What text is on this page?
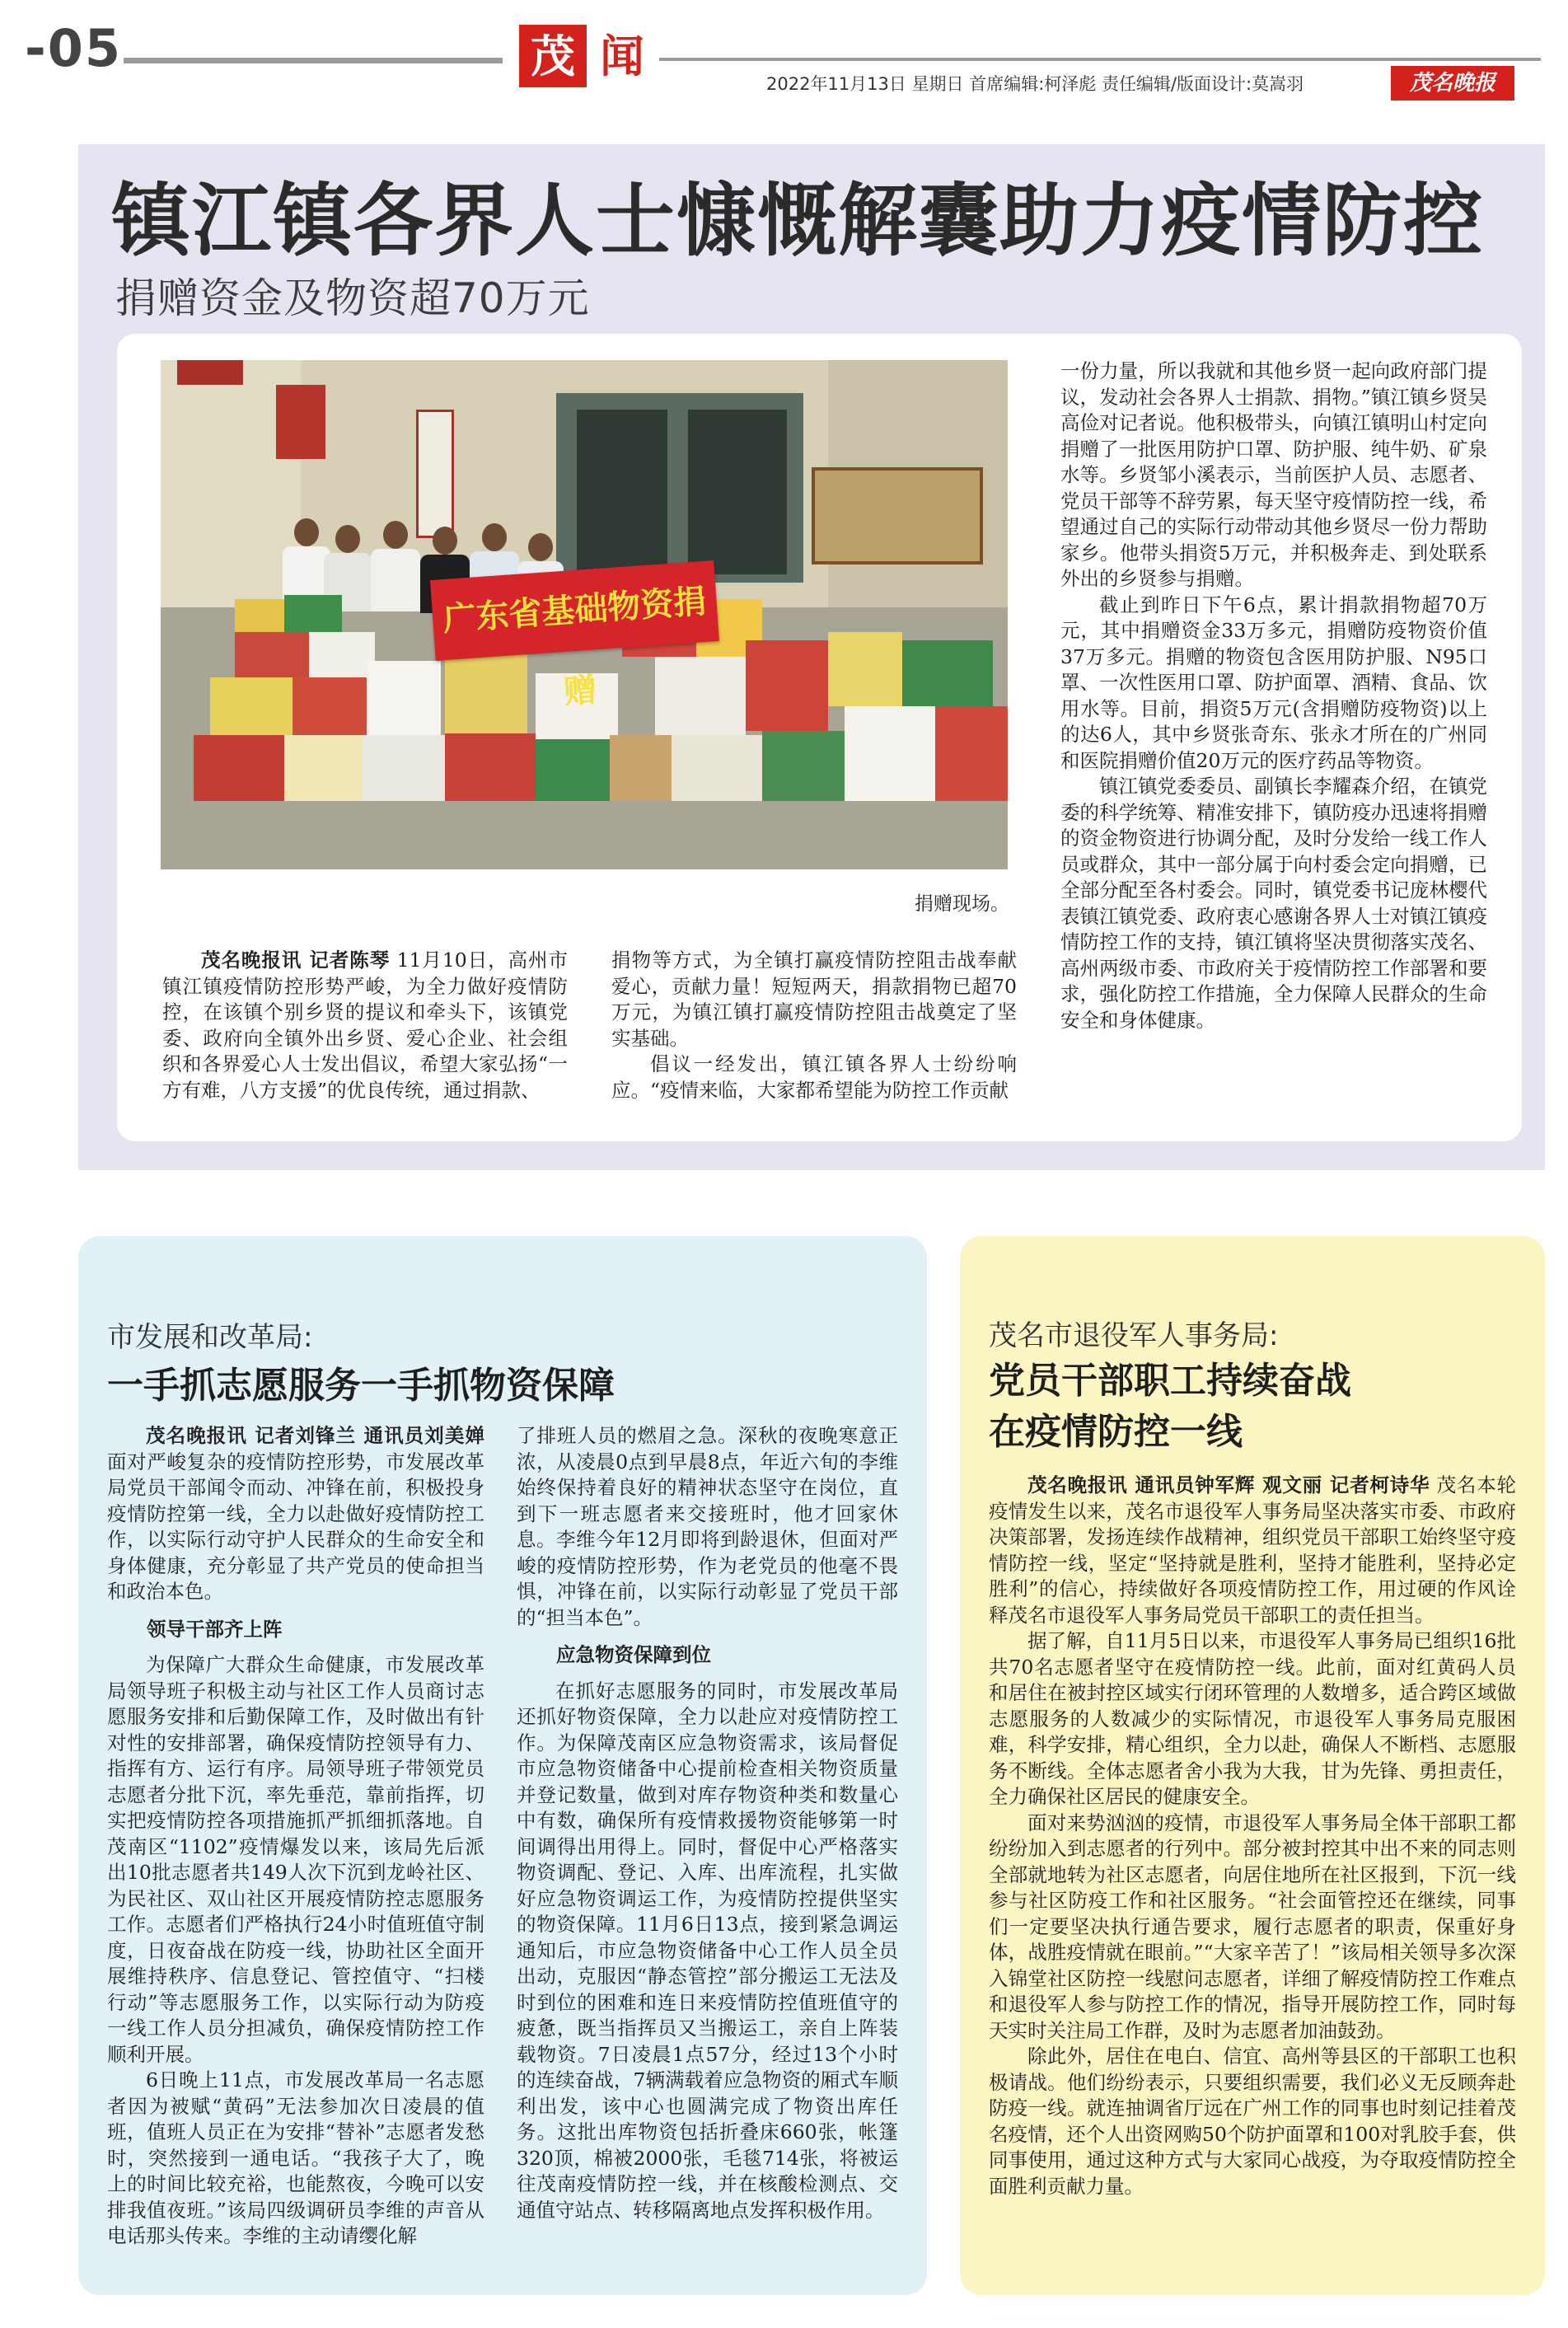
-05	茂 闻
2022年11月13日 星期日 首席编辑:柯泽彪 责任编辑/版面设计:莫嵩羽	茂名晚报
镇江镇各界人士慷慨解囊助力疫情防控
捐赠资金及物资超70万元
广东省基础物资捐赠
捐赠现场。

茂名晚报讯 记者陈琴 11月10日，高州市镇江镇疫情防控形势严峻，为全力做好疫情防控，在该镇个别乡贤的提议和牵头下，该镇党委、政府向全镇外出乡贤、爱心企业、社会组织和各界爱心人士发出倡议，希望大家弘扬“一方有难，八方支援”的优良传统，通过捐款、

捐物等方式，为全镇打赢疫情防控阻击战奉献爱心，贡献力量！短短两天，捐款捐物已超70万元，为镇江镇打赢疫情防控阻击战奠定了坚实基础。

倡议一经发出，镇江镇各界人士纷纷响应。“疫情来临，大家都希望能为防控工作贡献

一份力量，所以我就和其他乡贤一起向政府部门提议，发动社会各界人士捐款、捐物。”镇江镇乡贤吴高俭对记者说。他积极带头，向镇江镇明山村定向捐赠了一批医用防护口罩、防护服、纯牛奶、矿泉水等。乡贤邹小溪表示，当前医护人员、志愿者、党员干部等不辞劳累，每天坚守疫情防控一线，希望通过自己的实际行动带动其他乡贤尽一份力帮助家乡。他带头捐资5万元，并积极奔走、到处联系外出的乡贤参与捐赠。

截止到昨日下午6点，累计捐款捐物超70万元，其中捐赠资金33万多元，捐赠防疫物资价值37万多元。捐赠的物资包含医用防护服、N95口罩、一次性医用口罩、防护面罩、酒精、食品、饮用水等。目前，捐资5万元(含捐赠防疫物资)以上的达6人，其中乡贤张奇东、张永才所在的广州同和医院捐赠价值20万元的医疗药品等物资。

镇江镇党委委员、副镇长李耀森介绍，在镇党委的科学统筹、精准安排下，镇防疫办迅速将捐赠的资金物资进行协调分配，及时分发给一线工作人员或群众，其中一部分属于向村委会定向捐赠，已全部分配至各村委会。同时，镇党委书记庞林樱代表镇江镇党委、政府衷心感谢各界人士对镇江镇疫情防控工作的支持，镇江镇将坚决贯彻落实茂名、高州两级市委、市政府关于疫情防控工作部署和要求，强化防控工作措施，全力保障人民群众的生命安全和身体健康。

市发展和改革局:
一手抓志愿服务一手抓物资保障

茂名晚报讯 记者刘锋兰 通讯员刘美婵 面对严峻复杂的疫情防控形势，市发展改革局党员干部闻令而动、冲锋在前，积极投身疫情防控第一线，全力以赴做好疫情防控工作，以实际行动守护人民群众的生命安全和身体健康，充分彰显了共产党员的使命担当和政治本色。

领导干部齐上阵

为保障广大群众生命健康，市发展改革局领导班子积极主动与社区工作人员商讨志愿服务安排和后勤保障工作，及时做出有针对性的安排部署，确保疫情防控领导有力、指挥有方、运行有序。局领导班子带领党员志愿者分批下沉，率先垂范，靠前指挥，切实把疫情防控各项措施抓严抓细抓落地。自茂南区“1102”疫情爆发以来，该局先后派出10批志愿者共149人次下沉到龙岭社区、为民社区、双山社区开展疫情防控志愿服务工作。志愿者们严格执行24小时值班值守制度，日夜奋战在防疫一线，协助社区全面开展维持秩序、信息登记、管控值守、“扫楼行动”等志愿服务工作，以实际行动为防疫一线工作人员分担减负，确保疫情防控工作顺利开展。

6日晚上11点，市发展改革局一名志愿者因为被赋“黄码”无法参加次日凌晨的值班，值班人员正在为安排“替补”志愿者发愁时，突然接到一通电话。“我孩子大了，晚上的时间比较充裕，也能熬夜，今晚可以安排我值夜班。”该局四级调研员李维的声音从电话那头传来。李维的主动请缨化解

了排班人员的燃眉之急。深秋的夜晚寒意正浓，从凌晨0点到早晨8点，年近六旬的李维始终保持着良好的精神状态坚守在岗位，直到下一班志愿者来交接班时，他才回家休息。李维今年12月即将到龄退休，但面对严峻的疫情防控形势，作为老党员的他毫不畏惧，冲锋在前，以实际行动彰显了党员干部的“担当本色”。

应急物资保障到位

在抓好志愿服务的同时，市发展改革局还抓好物资保障，全力以赴应对疫情防控工作。为保障茂南区应急物资需求，该局督促市应急物资储备中心提前检查相关物资质量并登记数量，做到对库存物资种类和数量心中有数，确保所有疫情救援物资能够第一时间调得出用得上。同时，督促中心严格落实物资调配、登记、入库、出库流程，扎实做好应急物资调运工作，为疫情防控提供坚实的物资保障。11月6日13点，接到紧急调运通知后，市应急物资储备中心工作人员全员出动，克服因“静态管控”部分搬运工无法及时到位的困难和连日来疫情防控值班值守的疲惫，既当指挥员又当搬运工，亲自上阵装载物资。7日凌晨1点57分，经过13个小时的连续奋战，7辆满载着应急物资的厢式车顺利出发，该中心也圆满完成了物资出库任务。这批出库物资包括折叠床660张，帐篷320顶，棉被2000张，毛毯714张，将被运往茂南疫情防控一线，并在核酸检测点、交通值守站点、转移隔离地点发挥积极作用。

茂名市退役军人事务局:
党员干部职工持续奋战
在疫情防控一线

茂名晚报讯 通讯员钟军辉 观文丽 记者柯诗华 茂名本轮疫情发生以来，茂名市退役军人事务局坚决落实市委、市政府决策部署，发扬连续作战精神，组织党员干部职工始终坚守疫情防控一线，坚定“坚持就是胜利，坚持才能胜利，坚持必定胜利”的信心，持续做好各项疫情防控工作，用过硬的作风诠释茂名市退役军人事务局党员干部职工的责任担当。

据了解，自11月5日以来，市退役军人事务局已组织16批共70名志愿者坚守在疫情防控一线。此前，面对红黄码人员和居住在被封控区域实行闭环管理的人数增多，适合跨区域做志愿服务的人数减少的实际情况，市退役军人事务局克服困难，科学安排，精心组织，全力以赴，确保人不断档、志愿服务不断线。全体志愿者舍小我为大我，甘为先锋、勇担责任，全力确保社区居民的健康安全。

面对来势汹汹的疫情，市退役军人事务局全体干部职工都纷纷加入到志愿者的行列中。部分被封控其中出不来的同志则全部就地转为社区志愿者，向居住地所在社区报到，下沉一线参与社区防疫工作和社区服务。“社会面管控还在继续，同事们一定要坚决执行通告要求，履行志愿者的职责，保重好身体，战胜疫情就在眼前。”“大家辛苦了！”该局相关领导多次深入锦堂社区防控一线慰问志愿者，详细了解疫情防控工作难点和退役军人参与防控工作的情况，指导开展防控工作，同时每天实时关注局工作群，及时为志愿者加油鼓劲。

除此外，居住在电白、信宜、高州等县区的干部职工也积极请战。他们纷纷表示，只要组织需要，我们必义无反顾奔赴防疫一线。就连抽调省厅远在广州工作的同事也时刻记挂着茂名疫情，还个人出资网购50个防护面罩和100对乳胶手套，供同事使用，通过这种方式与大家同心战疫，为夺取疫情防控全面胜利贡献力量。
